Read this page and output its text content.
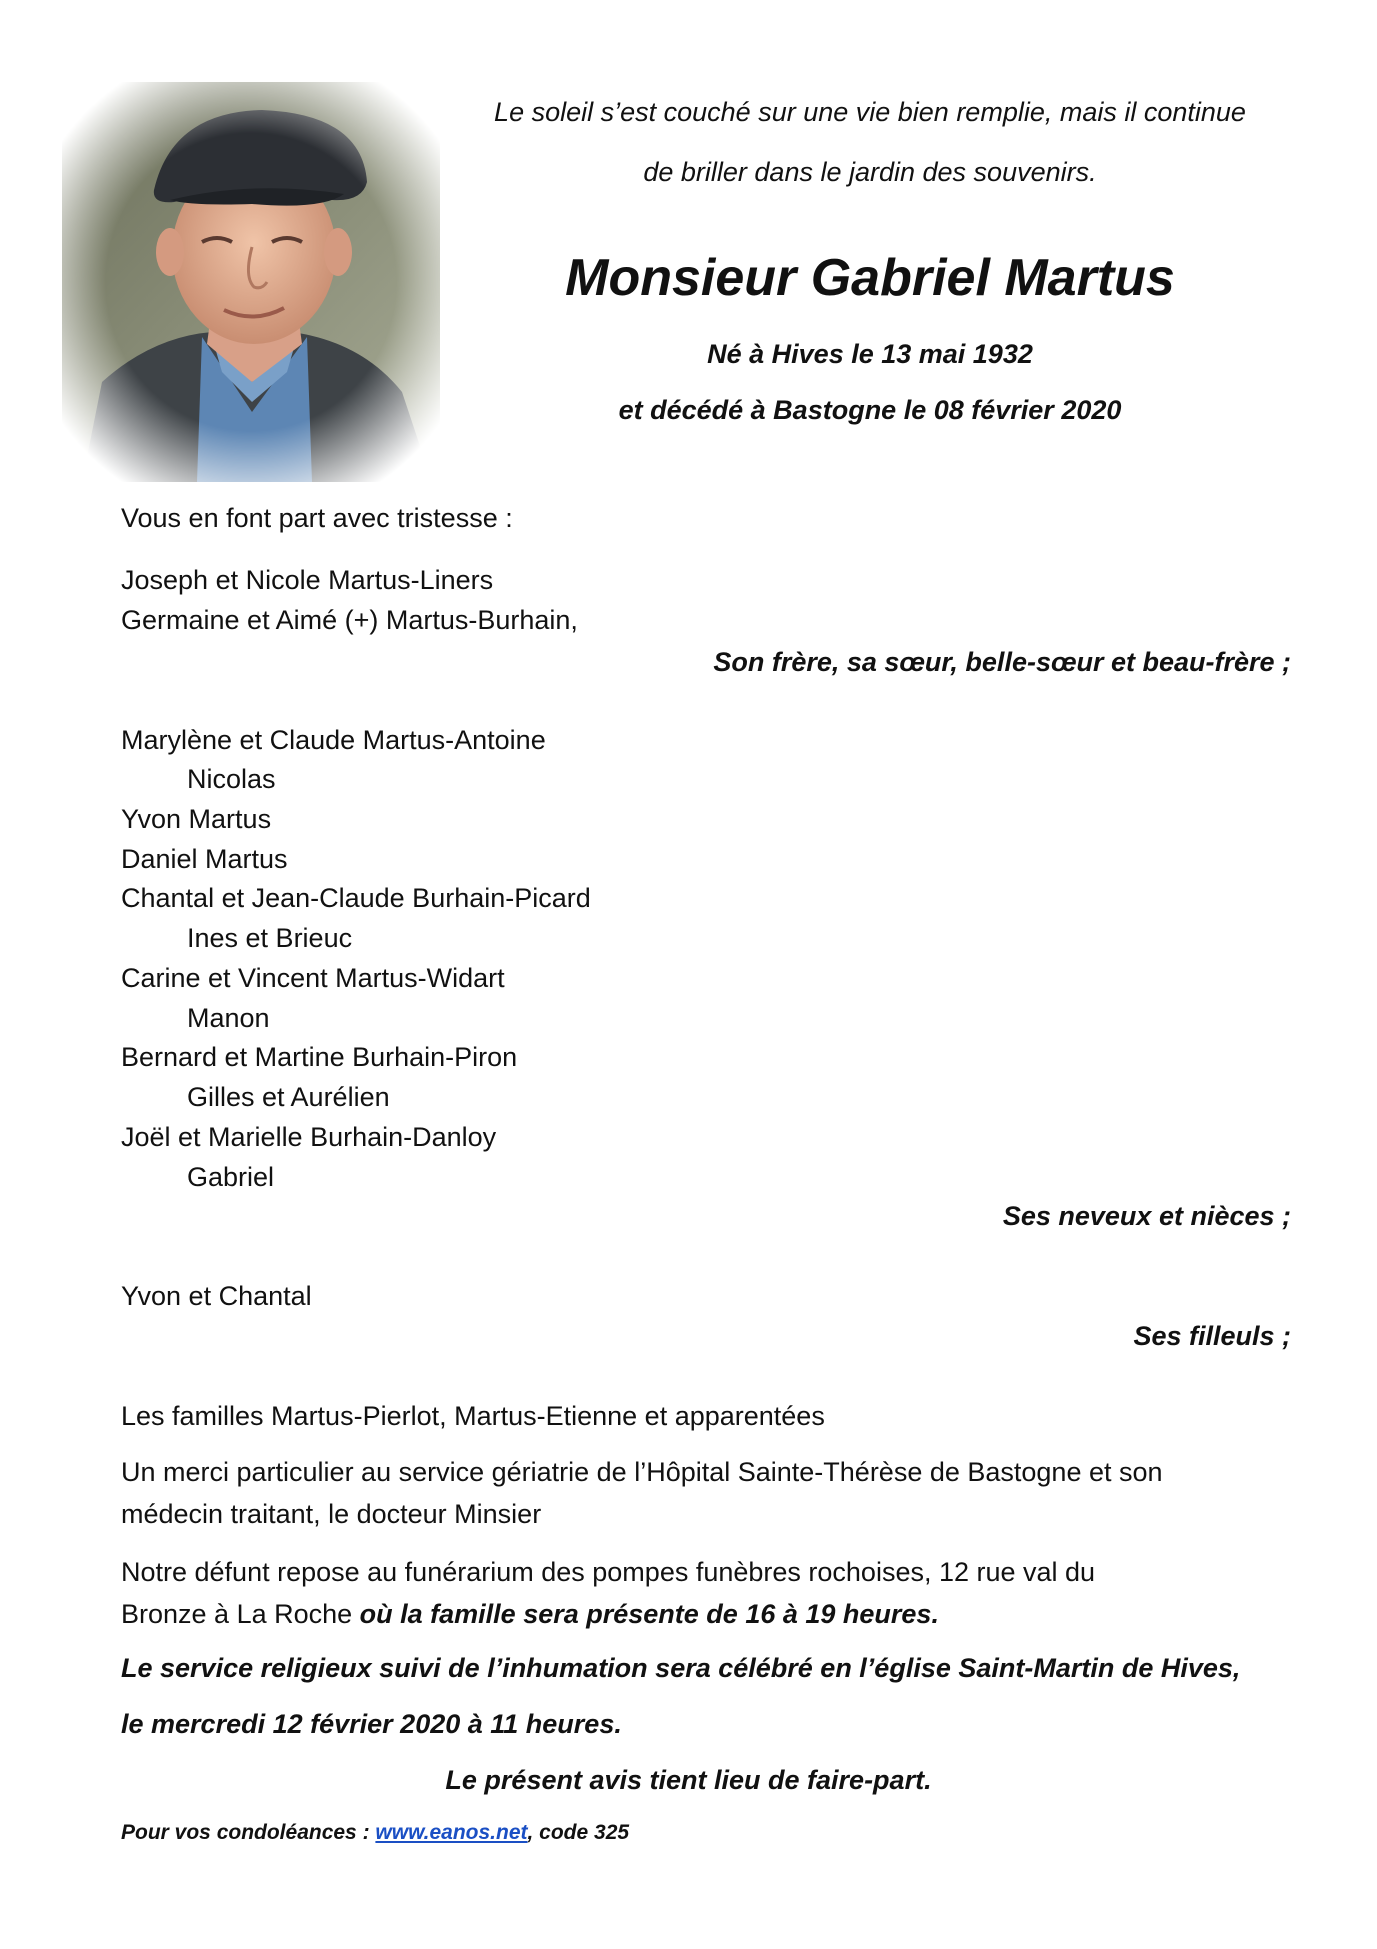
Le soleil s’est couché sur une vie bien remplie, mais il continue
de briller dans le jardin des souvenirs.
Monsieur Gabriel Martus
Né à Hives le 13 mai 1932
et décédé à Bastogne le 08 février 2020
Vous en font part avec tristesse :
Joseph et Nicole Martus-Liners
Germaine et Aimé (+) Martus-Burhain,
Son frère, sa sœur, belle-sœur et beau-frère ;
Marylène et Claude Martus-Antoine
Nicolas
Yvon Martus
Daniel Martus
Chantal et Jean-Claude Burhain-Picard
Ines et Brieuc
Carine et Vincent Martus-Widart
Manon
Bernard et Martine Burhain-Piron
Gilles et Aurélien
Joël et Marielle Burhain-Danloy
Gabriel
Ses neveux et nièces ;
Yvon et Chantal
Ses filleuls ;
Les familles Martus-Pierlot, Martus-Etienne et apparentées
Un merci particulier au service gériatrie de l’Hôpital Sainte-Thérèse de Bastogne et son
médecin traitant, le docteur Minsier
Notre défunt repose au funérarium des pompes funèbres rochoises, 12 rue val du
Bronze à La Roche où la famille sera présente de 16 à 19 heures.
Le service religieux suivi de l’inhumation sera célébré en l’église Saint-Martin de Hives,
le mercredi 12 février 2020 à 11 heures.
Le présent avis tient lieu de faire-part.
Pour vos condoléances : www.eanos.net, code 325
